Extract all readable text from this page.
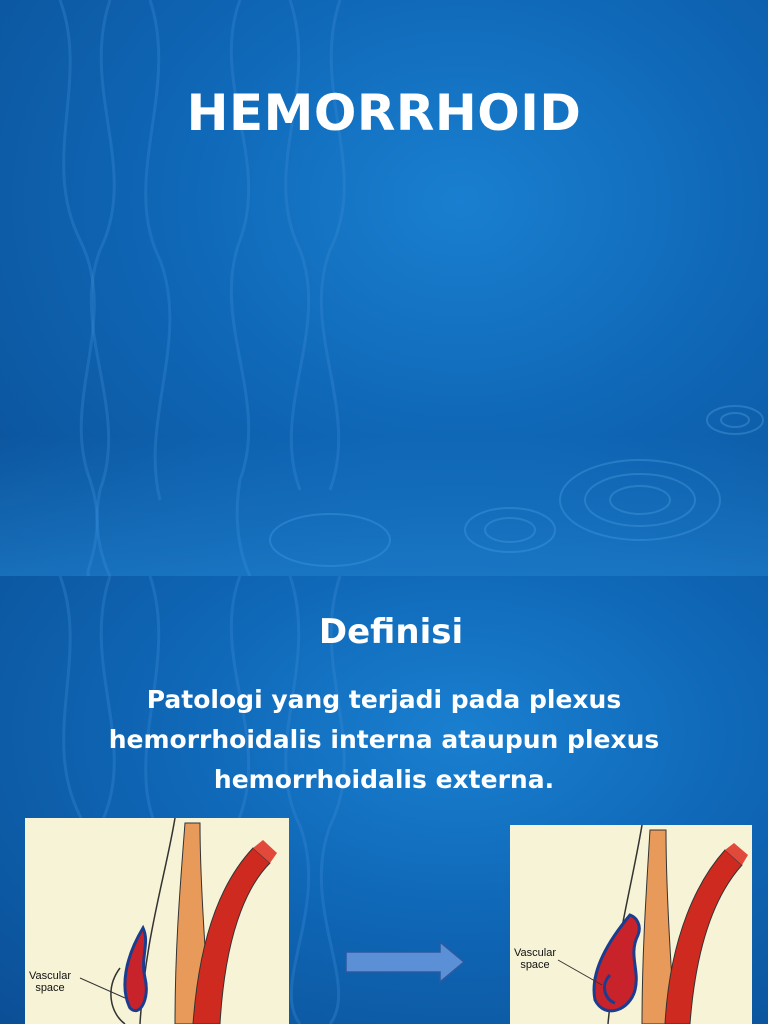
Definisi
Patologi yang terjadi pada plexus
hemorrhoidalis interna ataupun plexus
hemorrhoidalis externa.
Vascular
space
Vascular
space
HEMORRHOID
